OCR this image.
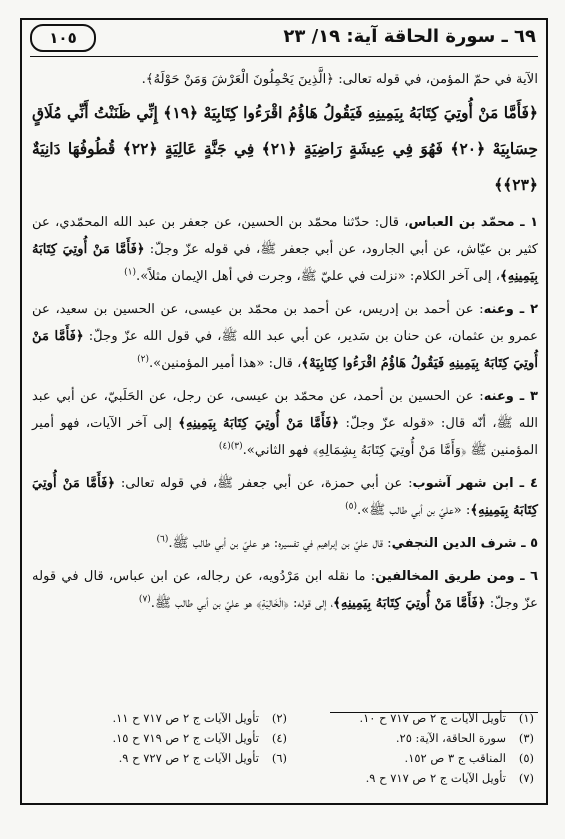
٦٩ ـ سورة الحاقة آية: ١٩/ ٢٣
١٠٥

الآية في حمّ المؤمن، في قوله تعالى: ﴿الَّذِينَ يَحْمِلُونَ الْعَرْشَ وَمَنْ حَوْلَهُ﴾.

﴿فَأَمَّا مَنْ أُوتِيَ كِتَابَهُ بِيَمِينِهِ فَيَقُولُ هَاؤُمُ اقْرَءُوا كِتَابِيَهْ ﴿١٩﴾ إِنِّي ظَنَنْتُ أَنِّي مُلَاقٍ حِسَابِيَهْ ﴿٢٠﴾ فَهُوَ فِي عِيشَةٍ رَاضِيَةٍ ﴿٢١﴾ فِي جَنَّةٍ عَالِيَةٍ ﴿٢٢﴾ قُطُوفُهَا دَانِيَةٌ ﴿٢٣﴾﴾

١ ـ محمّد بن العباس، قال: حدّثنا محمّد بن الحسين، عن جعفر بن عبد الله المحمّدي، عن كثير بن عيّاش، عن أبي الجارود، عن أبي جعفر ﷺ، في قوله عزّ وجلّ: ﴿فَأَمَّا مَنْ أُوتِيَ كِتَابَهُ بِيَمِينِهِ﴾، إلى آخر الكلام: «نزلت في عليّ ﷺ، وجرت في أهل الإيمان مثلاً».$^{(١)}$

٢ ـ وعنه: عن أحمد بن إدريس، عن أحمد بن محمّد بن عيسى، عن الحسين بن سعيد، عن عمرو بن عثمان، عن حنان بن سَدير، عن أبي عبد الله ﷺ، في قول الله عزّ وجلّ: ﴿فَأَمَّا مَنْ أُوتِيَ كِتَابَهُ بِيَمِينِهِ فَيَقُولُ هَاؤُمُ اقْرَءُوا كِتَابِيَهْ﴾، قال: «هذا أمير المؤمنين».$^{(٢)}$

٣ ـ وعنه: عن الحسين بن أحمد، عن محمّد بن عيسى، عن رجل، عن الحَلَبيّ، عن أبي عبد الله ﷺ، أنّه قال: «قوله عزّ وجلّ: ﴿فَأَمَّا مَنْ أُوتِيَ كِتَابَهُ بِيَمِينِهِ﴾ إلى آخر الآيات، فهو أمير المؤمنين ﷺ ﴿وَأَمَّا مَنْ أُوتِيَ كِتَابَهُ بِشِمَالِهِ﴾ فهو الثاني».$^{(٣)(٤)}$

٤ ـ ابن شهر آشوب: عن أبي حمزة، عن أبي جعفر ﷺ، في قوله تعالى: ﴿فَأَمَّا مَنْ أُوتِيَ كِتَابَهُ بِيَمِينِهِ﴾: «عليّ بن أبي طالب ﷺ».$^{(٥)}$

٥ ـ شرف الدين النجفي: قال عليّ بن إبراهيم في تفسيره: هو عليّ بن أبي طالب ﷺ.$^{(٦)}$

٦ ـ ومن طريق المخالفين: ما نقله ابن مَرْدُويه، عن رجاله، عن ابن عباس، قال في قوله عزّ وجلّ: ﴿فَأَمَّا مَنْ أُوتِيَ كِتَابَهُ بِيَمِينِهِ﴾، إلى قوله: ﴿الْخَالِيَةِ﴾ هو عليّ بن أبي طالب ﷺ.$^{(٧)}$

(١)تأويل الآيات ج ٢ ص ٧١٧ ح ١٠.
(٢)تأويل الآيات ج ٢ ص ٧١٧ ح ١١.
(٣)سورة الحاقة، الآية: ٢٥.
(٤)تأويل الآيات ج ٢ ص ٧١٩ ح ١٥.
(٥)المناقب ج ٣ ص ١٥٢.
(٦)تأويل الآيات ج ٢ ص ٧٢٧ ح ٩.
(٧)تأويل الآيات ج ٢ ص ٧١٧ ح ٩.
